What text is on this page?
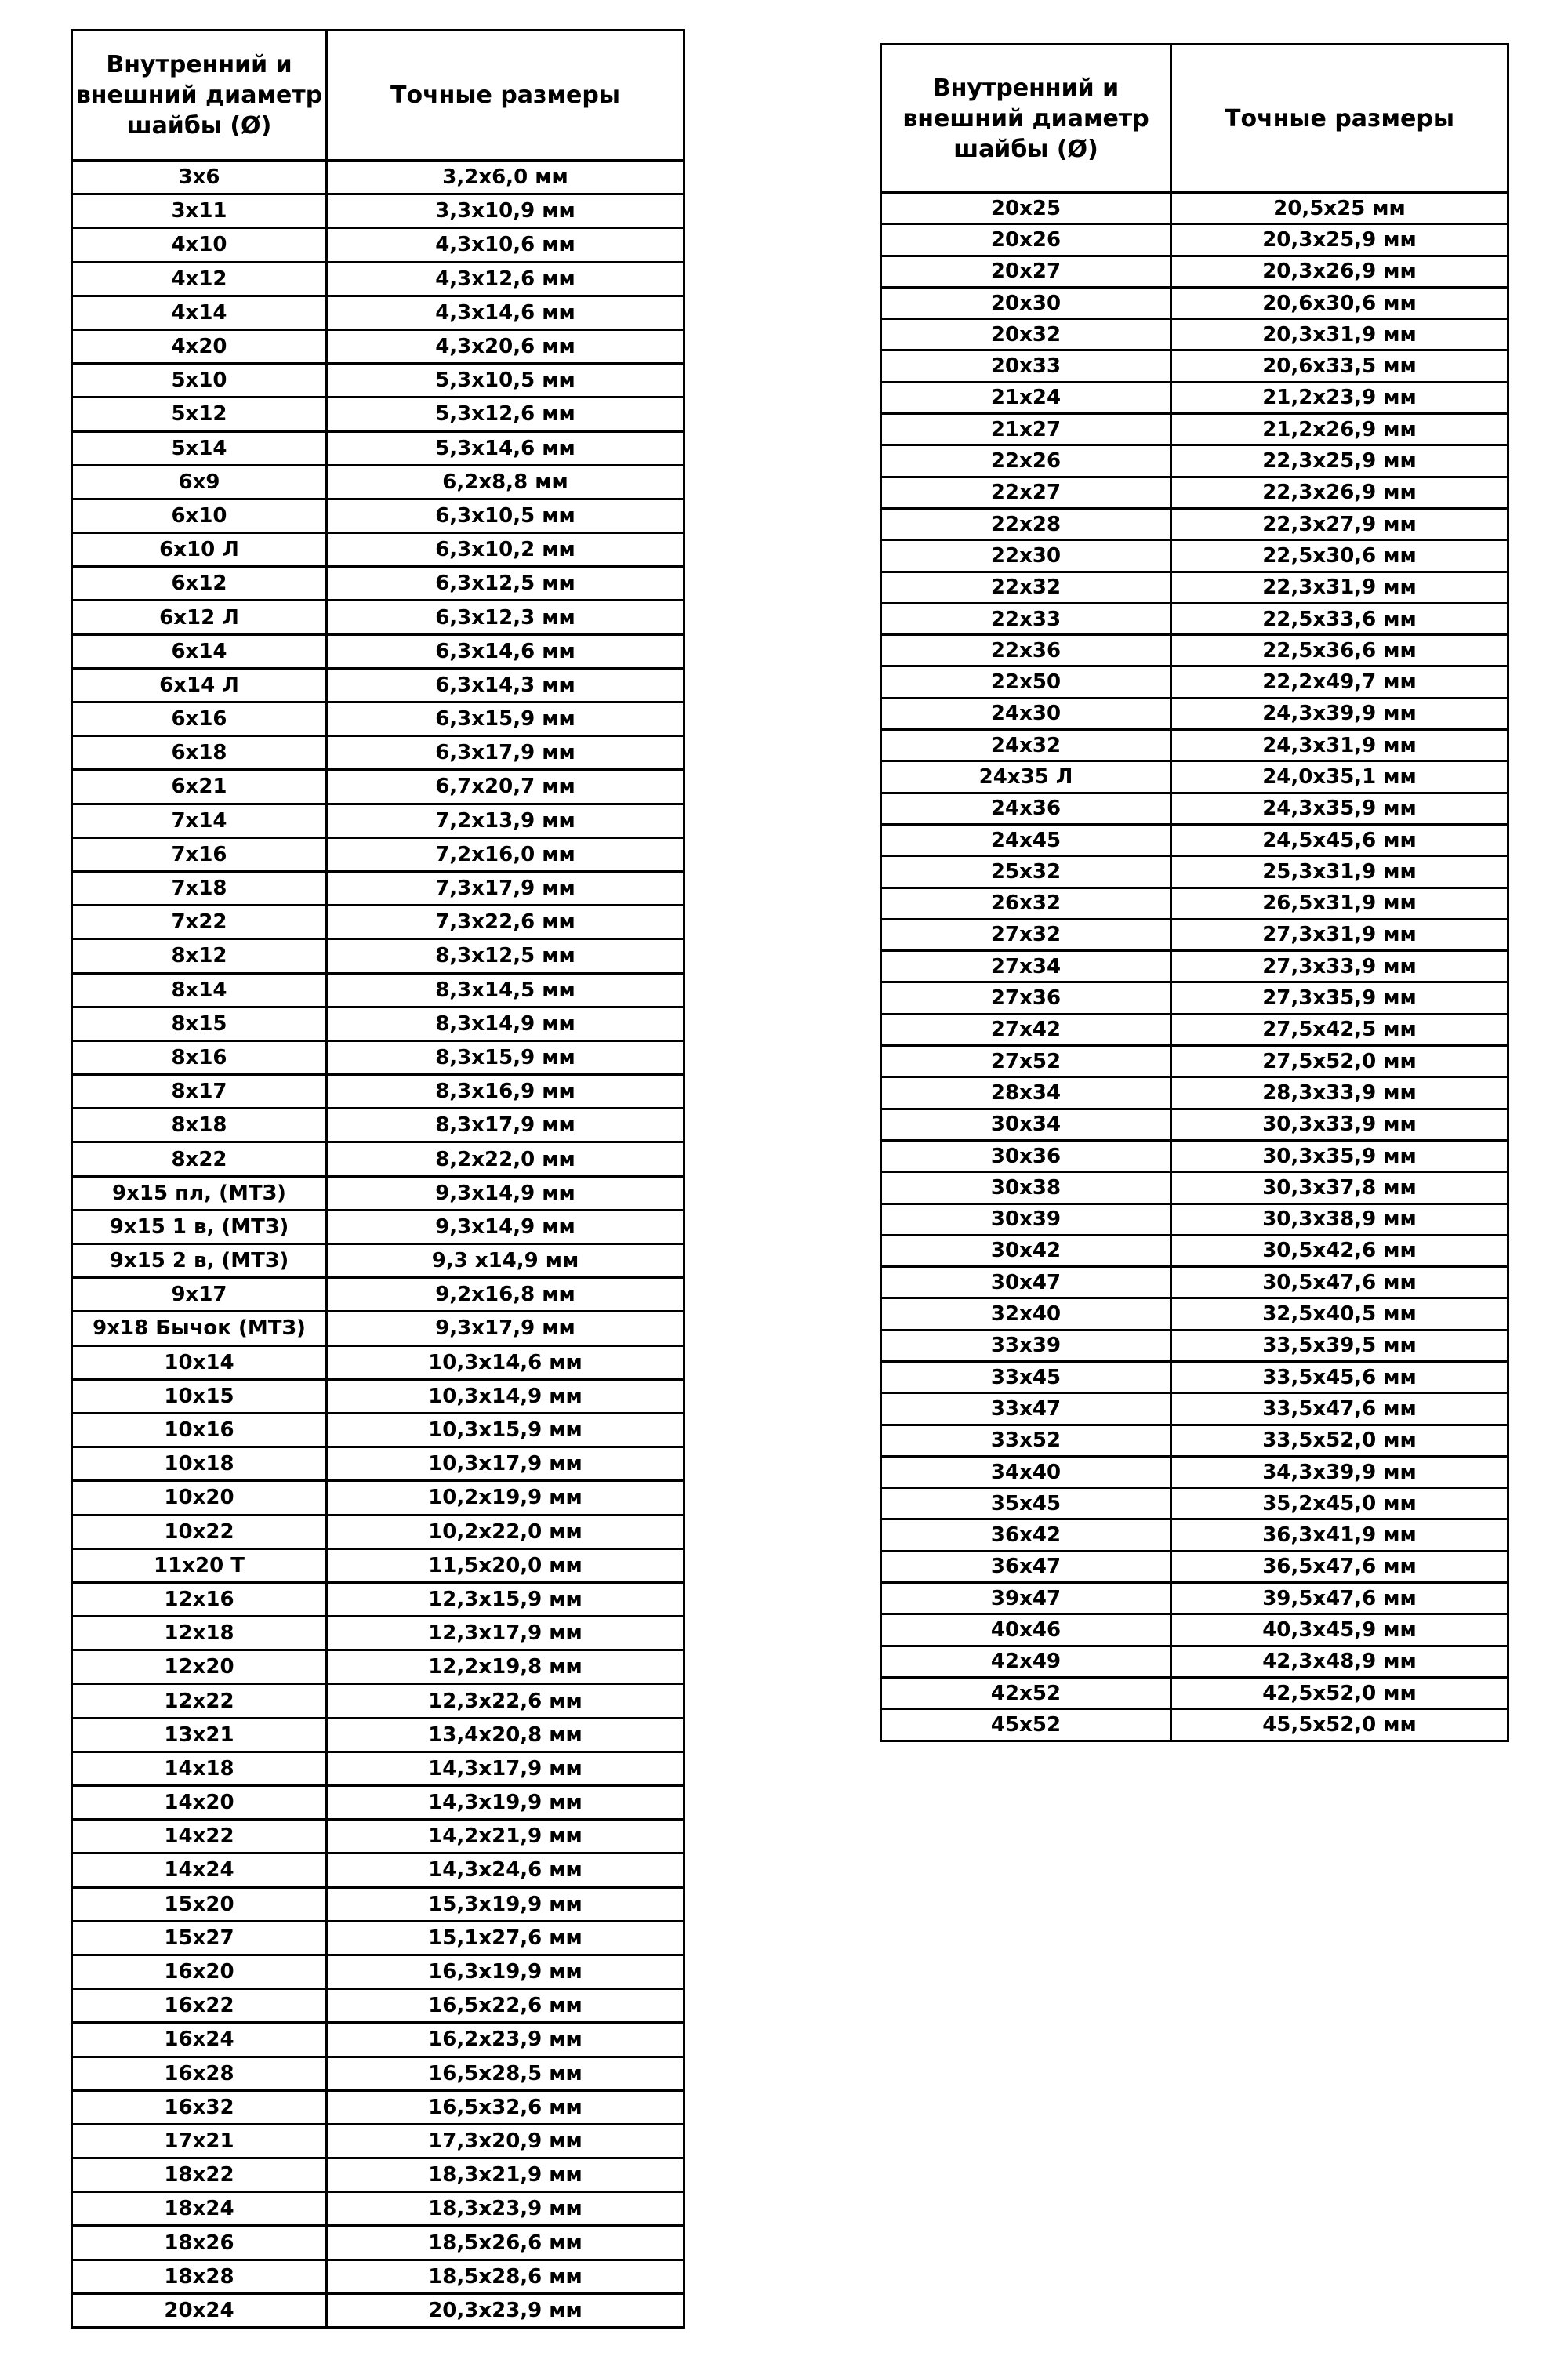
Внутренний и внешний диаметр шайбы (Ø)	Точные размеры
3х6	3,2х6,0 мм
3х11	3,3х10,9 мм
4х10	4,3х10,6 мм
4х12	4,3х12,6 мм
4х14	4,3х14,6 мм
4х20	4,3х20,6 мм
5х10	5,3х10,5 мм
5х12	5,3х12,6 мм
5х14	5,3х14,6 мм
6х9	6,2х8,8 мм
6х10	6,3х10,5 мм
6х10 Л	6,3х10,2 мм
6х12	6,3х12,5 мм
6х12 Л	6,3х12,3 мм
6х14	6,3х14,6 мм
6х14 Л	6,3х14,3 мм
6х16	6,3х15,9 мм
6х18	6,3х17,9 мм
6х21	6,7х20,7 мм
7х14	7,2х13,9 мм
7х16	7,2х16,0 мм
7х18	7,3х17,9 мм
7х22	7,3х22,6 мм
8х12	8,3х12,5 мм
8х14	8,3х14,5 мм
8х15	8,3х14,9 мм
8х16	8,3х15,9 мм
8х17	8,3х16,9 мм
8х18	8,3х17,9 мм
8х22	8,2х22,0 мм
9х15 пл, (МТЗ)	9,3х14,9 мм
9х15 1 в, (МТЗ)	9,3х14,9 мм
9х15 2 в, (МТЗ)	9,3 х14,9 мм
9х17	9,2х16,8 мм
9х18 Бычок (МТЗ)	9,3х17,9 мм
10х14	10,3х14,6 мм
10х15	10,3х14,9 мм
10х16	10,3х15,9 мм
10х18	10,3х17,9 мм
10х20	10,2х19,9 мм
10х22	10,2х22,0 мм
11х20 Т	11,5х20,0 мм
12х16	12,3х15,9 мм
12х18	12,3х17,9 мм
12х20	12,2х19,8 мм
12х22	12,3х22,6 мм
13х21	13,4х20,8 мм
14х18	14,3х17,9 мм
14х20	14,3х19,9 мм
14х22	14,2х21,9 мм
14х24	14,3х24,6 мм
15х20	15,3х19,9 мм
15х27	15,1х27,6 мм
16х20	16,3х19,9 мм
16х22	16,5х22,6 мм
16х24	16,2х23,9 мм
16х28	16,5х28,5 мм
16х32	16,5х32,6 мм
17х21	17,3х20,9 мм
18х22	18,3х21,9 мм
18х24	18,3х23,9 мм
18х26	18,5х26,6 мм
18х28	18,5х28,6 мм
20х24	20,3х23,9 мм
Внутренний и внешний диаметр шайбы (Ø)	Точные размеры
20х25	20,5х25 мм
20х26	20,3х25,9 мм
20х27	20,3х26,9 мм
20х30	20,6х30,6 мм
20х32	20,3х31,9 мм
20х33	20,6х33,5 мм
21х24	21,2х23,9 мм
21х27	21,2х26,9 мм
22х26	22,3х25,9 мм
22х27	22,3х26,9 мм
22х28	22,3х27,9 мм
22х30	22,5х30,6 мм
22х32	22,3х31,9 мм
22х33	22,5х33,6 мм
22х36	22,5х36,6 мм
22х50	22,2х49,7 мм
24х30	24,3х39,9 мм
24х32	24,3х31,9 мм
24х35 Л	24,0х35,1 мм
24х36	24,3х35,9 мм
24х45	24,5х45,6 мм
25х32	25,3х31,9 мм
26х32	26,5х31,9 мм
27х32	27,3х31,9 мм
27х34	27,3х33,9 мм
27х36	27,3х35,9 мм
27х42	27,5х42,5 мм
27х52	27,5х52,0 мм
28х34	28,3х33,9 мм
30х34	30,3х33,9 мм
30х36	30,3х35,9 мм
30х38	30,3х37,8 мм
30х39	30,3х38,9 мм
30х42	30,5х42,6 мм
30х47	30,5х47,6 мм
32х40	32,5х40,5 мм
33х39	33,5х39,5 мм
33х45	33,5х45,6 мм
33х47	33,5х47,6 мм
33х52	33,5х52,0 мм
34х40	34,3х39,9 мм
35х45	35,2х45,0 мм
36х42	36,3х41,9 мм
36х47	36,5х47,6 мм
39х47	39,5х47,6 мм
40х46	40,3х45,9 мм
42х49	42,3х48,9 мм
42х52	42,5х52,0 мм
45х52	45,5х52,0 мм
